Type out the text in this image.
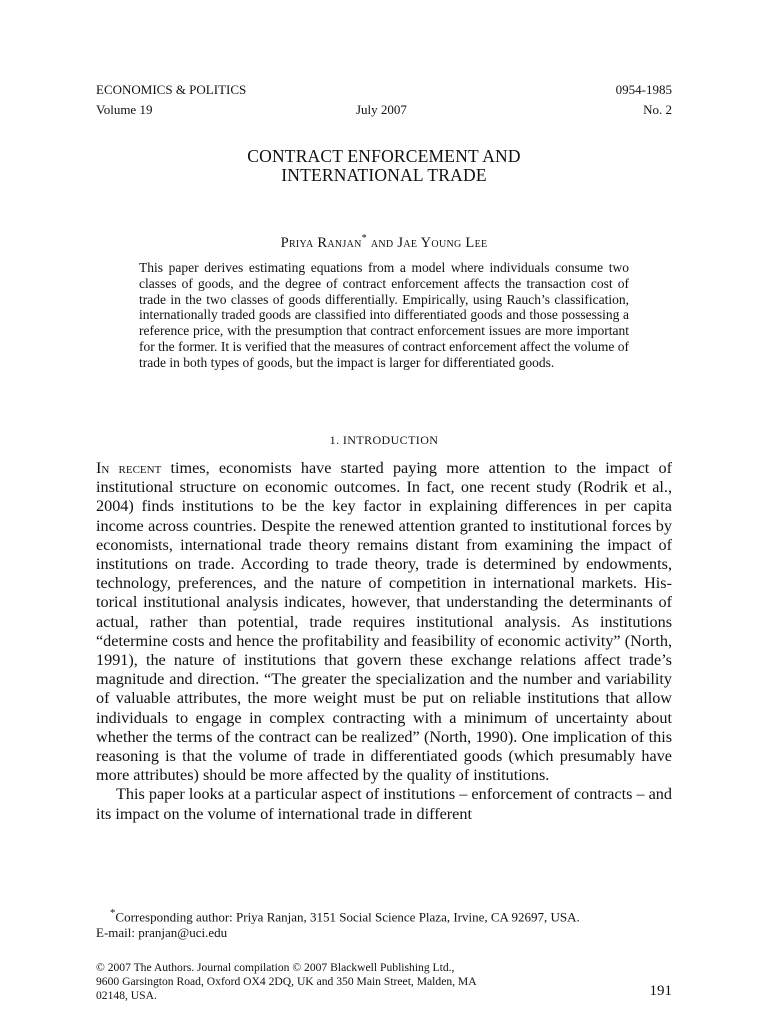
ECONOMICS & POLITICS	0954-1985
Volume 19	July 2007	No. 2
CONTRACT ENFORCEMENT AND
INTERNATIONAL TRADE
Priya Ranjan* and Jae Young Lee
This paper derives estimating equations from a model where individuals consume two classes of goods, and the degree of contract enforcement affects the transaction cost of trade in the two classes of goods differentially. Empirically, using Rauch’s classification, internationally traded goods are classified into differentiated goods and those possessing a reference price, with the presumption that contract enforcement issues are more important for the former. It is verified that the measures of contract enforcement affect the volume of trade in both types of goods, but the impact is larger for differentiated goods.
1. INTRODUCTION

In recent times, economists have started paying more attention to the impact of institutional structure on economic outcomes. In fact, one recent study (Rodrik et al., 2004) finds institutions to be the key factor in explaining differences in per capita income across countries. Despite the renewed attention granted to institutional forces by economists, international trade theory remains distant from examining the impact of institutions on trade. According to trade theory, trade is determined by endowments, technology, preferences, and the nature of competition in international markets. Historical institutional analysis indicates, however, that understanding the determinants of actual, rather than potential, trade requires institutional analysis. As institutions “determine costs and hence the profitability and feasibility of economic activity” (North, 1991), the nature of institutions that govern these exchange relations affect trade’s magnitude and direction. “The greater the specialization and the number and variability of valuable attributes, the more weight must be put on reliable institutions that allow individuals to engage in complex contracting with a minimum of uncertainty about whether the terms of the contract can be realized” (North, 1990). One implication of this reasoning is that the volume of trade in differentiated goods (which presumably have more attributes) should be more affected by the quality of institutions.

This paper looks at a particular aspect of institutions – enforcement of contracts – and its impact on the volume of international trade in different

*Corresponding author: Priya Ranjan, 3151 Social Science Plaza, Irvine, CA 92697, USA.
E-mail: pranjan@uci.edu
© 2007 The Authors. Journal compilation © 2007 Blackwell Publishing Ltd.,
9600 Garsington Road, Oxford OX4 2DQ, UK and 350 Main Street, Malden, MA
02148, USA.	191
